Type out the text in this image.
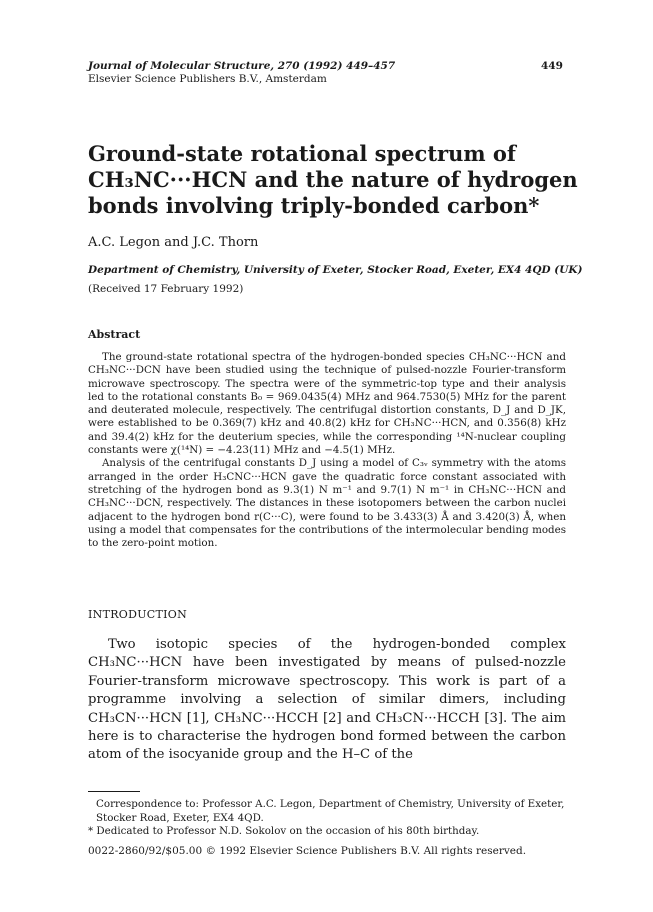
Journal of Molecular Structure, 270 (1992) 449–457
Elsevier Science Publishers B.V., Amsterdam
449
Ground-state rotational spectrum of CH₃NC···HCN and the nature of hydrogen bonds involving triply-bonded carbon*
A.C. Legon and J.C. Thorn
Department of Chemistry, University of Exeter, Stocker Road, Exeter, EX4 4QD (UK)
(Received 17 February 1992)
Abstract

The ground-state rotational spectra of the hydrogen-bonded species CH₃NC···HCN and CH₃NC···DCN have been studied using the technique of pulsed-nozzle Fourier-transform microwave spectroscopy. The spectra were of the symmetric-top type and their analysis led to the rotational constants B₀ = 969.0435(4) MHz and 964.7530(5) MHz for the parent and deuterated molecule, respectively. The centrifugal distortion constants, D_J and D_JK, were established to be 0.369(7) kHz and 40.8(2) kHz for CH₃NC···HCN, and 0.356(8) kHz and 39.4(2) kHz for the deuterium species, while the corresponding ¹⁴N-nuclear coupling constants were χ(¹⁴N) = −4.23(11) MHz and −4.5(1) MHz.

Analysis of the centrifugal constants D_J using a model of C₃ᵥ symmetry with the atoms arranged in the order H₃CNC···HCN gave the quadratic force constant associated with stretching of the hydrogen bond as 9.3(1) N m⁻¹ and 9.7(1) N m⁻¹ in CH₃NC···HCN and CH₃NC···DCN, respectively. The distances in these isotopomers between the carbon nuclei adjacent to the hydrogen bond r(C···C), were found to be 3.433(3) Å and 3.420(3) Å, when using a model that compensates for the contributions of the intermolecular bending modes to the zero-point motion.

INTRODUCTION

Two isotopic species of the hydrogen-bonded complex CH₃NC···HCN have been investigated by means of pulsed-nozzle Fourier-transform microwave spectroscopy. This work is part of a programme involving a selection of similar dimers, including CH₃CN···HCN [1], CH₃NC···HCCH [2] and CH₃CN···HCCH [3]. The aim here is to characterise the hydrogen bond formed between the carbon atom of the isocyanide group and the H–C of the

Correspondence to: Professor A.C. Legon, Department of Chemistry, University of Exeter, Stocker Road, Exeter, EX4 4QD.

* Dedicated to Professor N.D. Sokolov on the occasion of his 80th birthday.

0022-2860/92/$05.00 © 1992 Elsevier Science Publishers B.V. All rights reserved.
